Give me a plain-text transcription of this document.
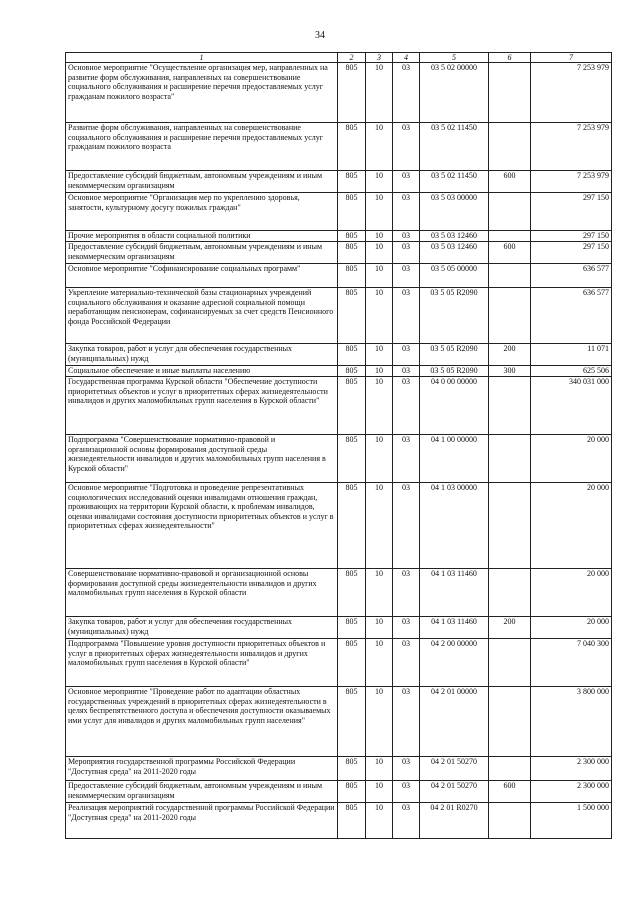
34
1	2	3	4	5	6	7
Основное мероприятие "Осуществление организация мер, направленных на развитие форм обслуживания, направленных на совершенствование социального обслуживания и расширение перечня предоставляемых услуг гражданам пожилого возраста"	805	10	03	03 5 02 00000		7 253 979
Развитие форм обслуживания, направленных на совершенствование социального обслуживания и расширение перечня предоставляемых услуг гражданам пожилого возраста	805	10	03	03 5 02 11450		7 253 979
Предоставление субсидий бюджетным, автономным учреждениям и иным некоммерческим организациям	805	10	03	03 5 02 11450	600	7 253 979
Основное мероприятие "Организация мер по укреплению здоровья, занятости, культурному досугу пожилых граждан"	805	10	03	03 5 03 00000		297 150
Прочие мероприятия в области социальной политики	805	10	03	03 5 03 12460		297 150
Предоставление субсидий бюджетным, автономным учреждениям и иным некоммерческим организациям	805	10	03	03 5 03 12460	600	297 150
Основное мероприятие "Софинансирование социальных программ"	805	10	03	03 5 05 00000		636 577
Укрепление материально-технической базы стационарных учреждений социального обслуживания и оказание адресной социальной помощи неработающим пенсионерам, софинансируемых за счет средств Пенсионного фонда Российской Федерации	805	10	03	03 5 05 R2090		636 577
Закупка товаров, работ и услуг для обеспечения государственных (муниципальных) нужд	805	10	03	03 5 05 R2090	200	11 071
Социальное обеспечение и иные выплаты населению	805	10	03	03 5 05 R2090	300	625 506
Государственная программа Курской области "Обеспечение доступности приоритетных объектов и услуг в приоритетных сферах жизнедеятельности инвалидов и других маломобильных групп населения в Курской области"	805	10	03	04 0 00 00000		340 031 000
Подпрограмма "Совершенствование нормативно-правовой и организационной основы формирования доступной среды жизнедеятельности инвалидов и других маломобильных групп населения в Курской области"	805	10	03	04 1 00 00000		20 000
Основное мероприятие "Подготовка и проведение репрезентативных социологических исследований оценки инвалидами отношения граждан, проживающих на территории Курской области, к проблемам инвалидов, оценки инвалидами состояния доступности приоритетных объектов и услуг в приоритетных сферах жизнедеятельности"	805	10	03	04 1 03 00000		20 000
Совершенствование нормативно-правовой и организационной основы формирования доступной среды жизнедеятельности инвалидов и других маломобильных групп населения в Курской области	805	10	03	04 1 03 11460		20 000
Закупка товаров, работ и услуг для обеспечения государственных (муниципальных) нужд	805	10	03	04 1 03 11460	200	20 000
Подпрограмма "Повышение уровня доступности приоритетных объектов и услуг в приоритетных сферах жизнедеятельности инвалидов и других маломобильных групп населения в Курской области"	805	10	03	04 2 00 00000		7 040 300
Основное мероприятие "Проведение работ по адаптации областных государственных учреждений в приоритетных сферах жизнедеятельности в целях беспрепятственного доступа и обеспечения доступности оказываемых ими услуг для инвалидов и других маломобильных групп населения"	805	10	03	04 2 01 00000		3 800 000
Мероприятия государственной программы Российской Федерации "Доступная среда" на 2011-2020 годы	805	10	03	04 2 01 50270		2 300 000
Предоставление субсидий бюджетным, автономным учреждениям и иным некоммерческим организациям	805	10	03	04 2 01 50270	600	2 300 000
Реализация мероприятий государственной программы Российской Федерации "Доступная среда" на 2011-2020 годы	805	10	03	04 2 01 R0270		1 500 000
